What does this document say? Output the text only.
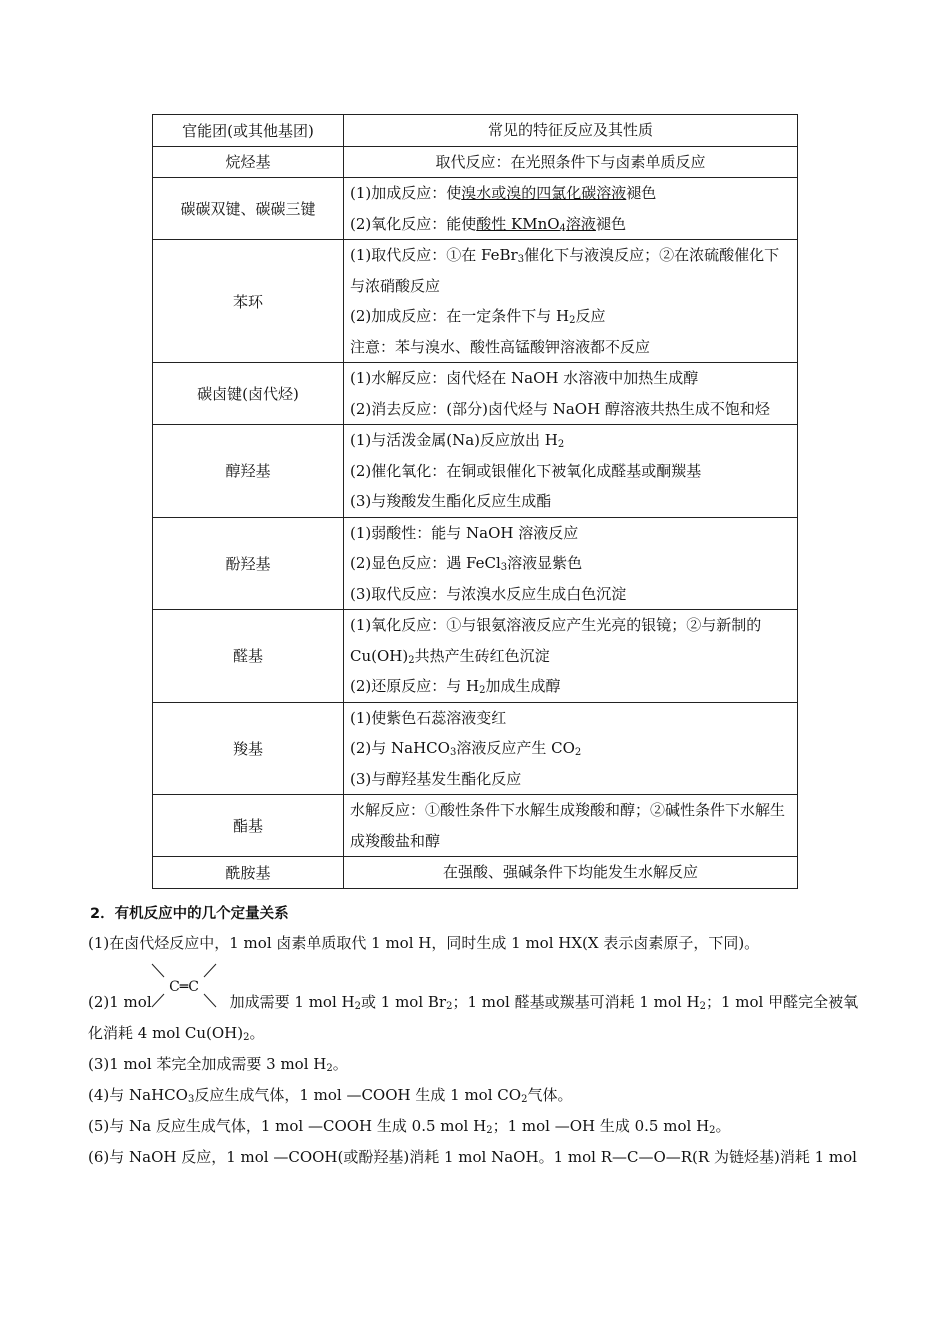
官能团(或其他基团)	常见的特征反应及其性质
烷烃基	取代反应：在光照条件下与卤素单质反应
碳碳双键、碳碳三键	(1)加成反应：使溴水或溴的四氯化碳溶液褪色
(2)氧化反应：能使酸性 KMnO$_4$溶液褪色

苯环	(1)取代反应：①在 FeBr$_3$催化下与液溴反应；②在浓硫酸催化下与浓硝酸反应
(2)加成反应：在一定条件下与 $H_2$反应
注意：苯与溴水、酸性高锰酸钾溶液都不反应

碳卤键(卤代烃)	(1)水解反应：卤代烃在 NaOH 水溶液中加热生成醇
(2)消去反应：(部分)卤代烃与 NaOH 醇溶液共热生成不饱和烃

醇羟基	(1)与活泼金属(Na)反应放出 $H_2$
(2)催化氧化：在铜或银催化下被氧化成醛基或酮羰基
(3)与羧酸发生酯化反应生成酯

酚羟基	(1)弱酸性：能与 NaOH 溶液反应
(2)显色反应：遇 FeCl$_3$溶液显紫色
(3)取代反应：与浓溴水反应生成白色沉淀

醛基	(1)氧化反应：①与银氨溶液反应产生光亮的银镜；②与新制的 $Cu(OH)_2$共热产生砖红色沉淀
(2)还原反应：与 $H_2$加成生成醇

羧基	(1)使紫色石蕊溶液变红
(2)与 NaHCO$_3$溶液反应产生 $CO_2$
(3)与醇羟基发生酯化反应

酯基	水解反应：①酸性条件下水解生成羧酸和醇；②碱性条件下水解生成羧酸盐和醇
酰胺基	在强酸、强碱条件下均能发生水解反应
2．有机反应中的几个定量关系
(1)在卤代烃反应中，1 mol 卤素单质取代 1 mol H，同时生成 1 mol HX(X 表示卤素原子，下同)。
C═C
(2)1 mol	加成需要 1 mol $H_2$或 1 mol $Br_2$；1 mol 醛基或羰基可消耗 1 mol $H_2$；1 mol 甲醛完全被氧化消耗 4 mol $Cu(OH)_2$。
(3)1 mol 苯完全加成需要 3 mol $H_2$。
(4)与 NaHCO$_3$反应生成气体，1 mol —COOH 生成 1 mol $CO_2$气体。
(5)与 Na 反应生成气体，1 mol —COOH 生成 0.5 mol $H_2$；1 mol —OH 生成 0.5 mol $H_2$。
(6)与 NaOH 反应，1 mol —COOH(或酚羟基)消耗 1 mol NaOH。1 mol R—C—O—R(R 为链烃基)消耗 1 mol
